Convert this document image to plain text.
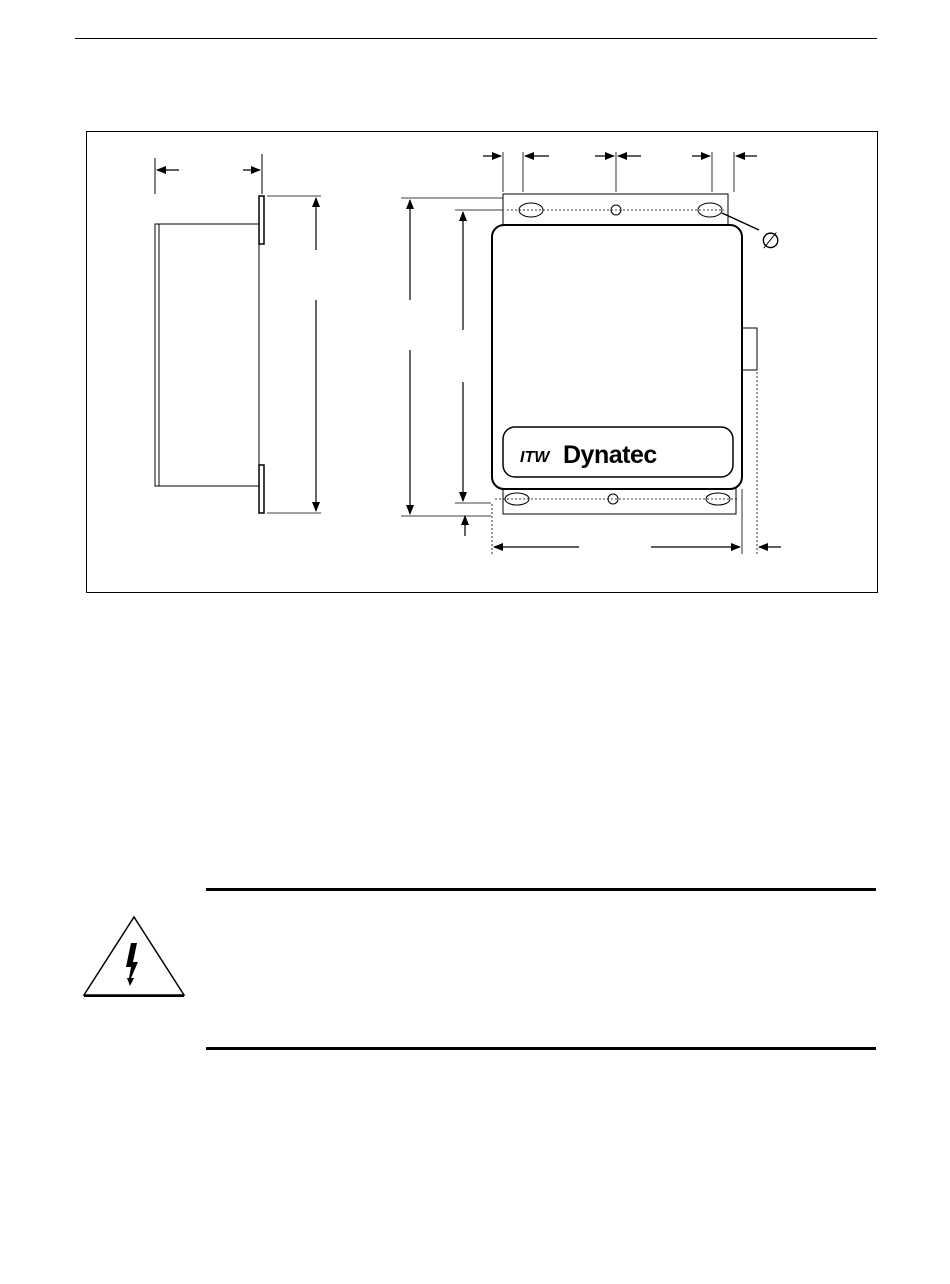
ITW Dynatec
∅
